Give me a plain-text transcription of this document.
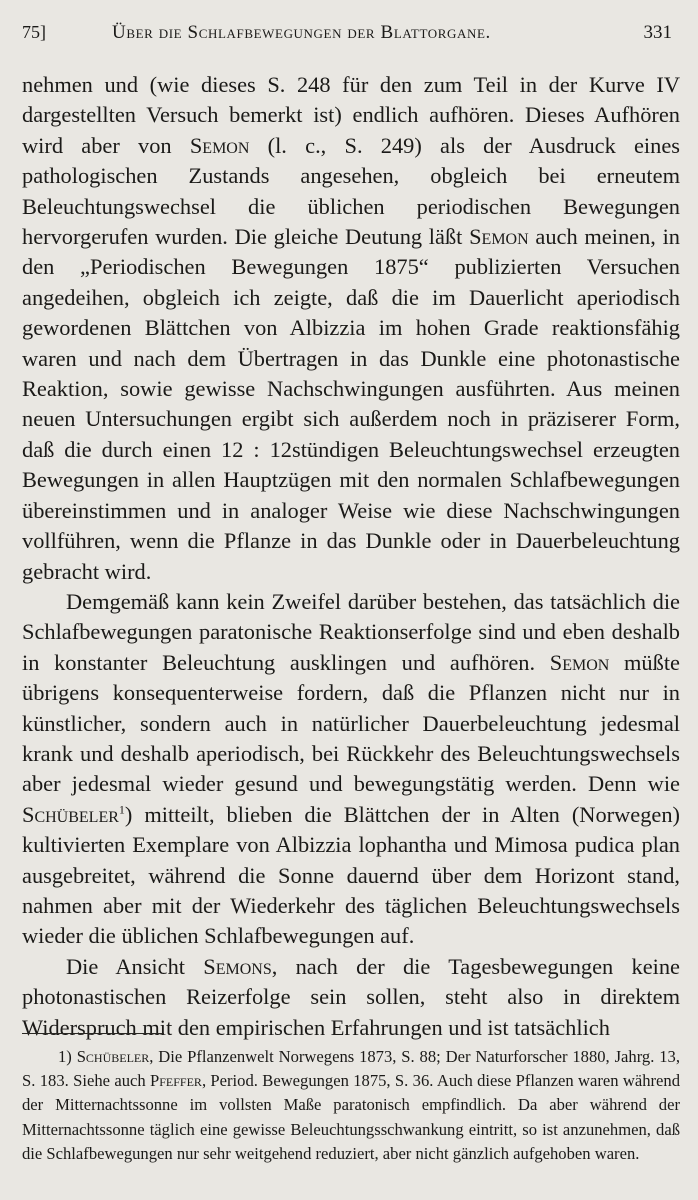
75]	Über die Schlafbewegungen der Blattorgane.	331

nehmen und (wie dieses S. 248 für den zum Teil in der Kurve IV dargestellten Versuch bemerkt ist) endlich aufhören. Dieses Aufhören wird aber von Semon (l. c., S. 249) als der Ausdruck eines pathologischen Zustands angesehen, obgleich bei erneutem Beleuchtungswechsel die üblichen periodischen Bewegungen hervorgerufen wurden. Die gleiche Deutung läßt Semon auch meinen, in den „Periodischen Bewegungen 1875“ publizierten Versuchen angedeihen, obgleich ich zeigte, daß die im Dauerlicht aperiodisch gewordenen Blättchen von Albizzia im hohen Grade reaktionsfähig waren und nach dem Übertragen in das Dunkle eine photonastische Reaktion, sowie gewisse Nachschwingungen ausführten. Aus meinen neuen Untersuchungen ergibt sich außerdem noch in präziserer Form, daß die durch einen 12 : 12stündigen Beleuchtungswechsel erzeugten Bewegungen in allen Hauptzügen mit den normalen Schlafbewegungen übereinstimmen und in analoger Weise wie diese Nachschwingungen vollführen, wenn die Pflanze in das Dunkle oder in Dauerbeleuchtung gebracht wird.

Demgemäß kann kein Zweifel darüber bestehen, das tatsächlich die Schlafbewegungen paratonische Reaktionserfolge sind und eben deshalb in konstanter Beleuchtung ausklingen und aufhören. Semon müßte übrigens konsequenterweise fordern, daß die Pflanzen nicht nur in künstlicher, sondern auch in natürlicher Dauerbeleuchtung jedesmal krank und deshalb aperiodisch, bei Rückkehr des Beleuchtungswechsels aber jedesmal wieder gesund und bewegungstätig werden. Denn wie Schübeler$^1$) mitteilt, blieben die Blättchen der in Alten (Norwegen) kultivierten Exemplare von Albizzia lophantha und Mimosa pudica plan ausgebreitet, während die Sonne dauernd über dem Horizont stand, nahmen aber mit der Wiederkehr des täglichen Beleuchtungswechsels wieder die üblichen Schlafbewegungen auf.

Die Ansicht Semons, nach der die Tagesbewegungen keine photonastischen Reizerfolge sein sollen, steht also in direktem Widerspruch mit den empirischen Erfahrungen und ist tatsächlich

1) Schübeler, Die Pflanzenwelt Norwegens 1873, S. 88; Der Naturforscher 1880, Jahrg. 13, S. 183. Siehe auch Pfeffer, Period. Bewegungen 1875, S. 36. Auch diese Pflanzen waren während der Mitternachtssonne im vollsten Maße paratonisch empfindlich. Da aber während der Mitternachtssonne täglich eine gewisse Beleuchtungsschwankung eintritt, so ist anzunehmen, daß die Schlafbewegungen nur sehr weitgehend reduziert, aber nicht gänzlich aufgehoben waren.
